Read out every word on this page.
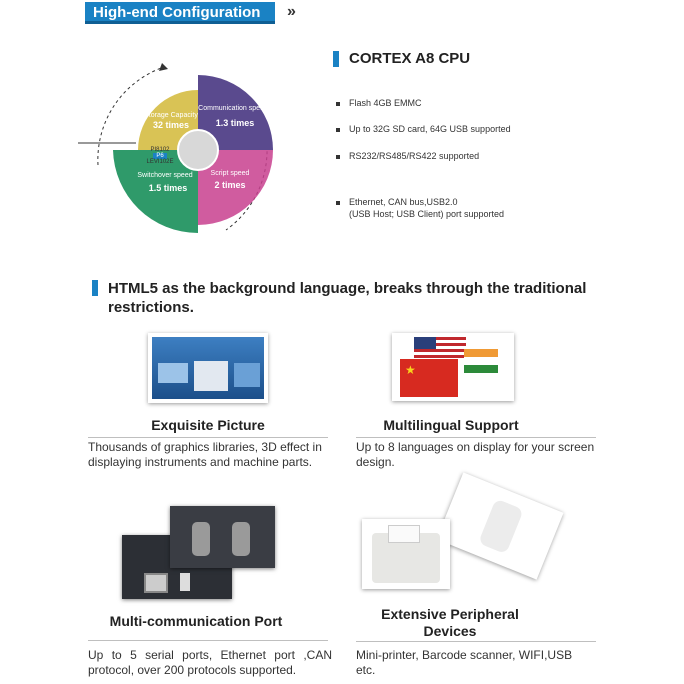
High-end Configuration	»
PI8102
P6
LEVI102E
Storage Capacity
32 times
Communication speed
1.3 times
Script speed
2 times
Switchover speed
1.5 times
CORTEX A8 CPU
Flash 4GB EMMC
Up to 32G SD card, 64G USB supported
RS232/RS485/RS422 supported
Ethernet, CAN bus,USB2.0
(USB Host; USB Client) port supported
HTML5 as the background language, breaks through the traditional restrictions.
★
Exquisite Picture
Thousands of graphics libraries, 3D effect in displaying instruments and machine parts.
Multilingual Support
Up to 8 languages on display for your screen design.
Multi-communication Port
Up to 5 serial ports, Ethernet port ,CAN protocol, over 200 protocols supported.
Extensive Peripheral Devices
Mini-printer, Barcode scanner, WIFI,USB etc.
